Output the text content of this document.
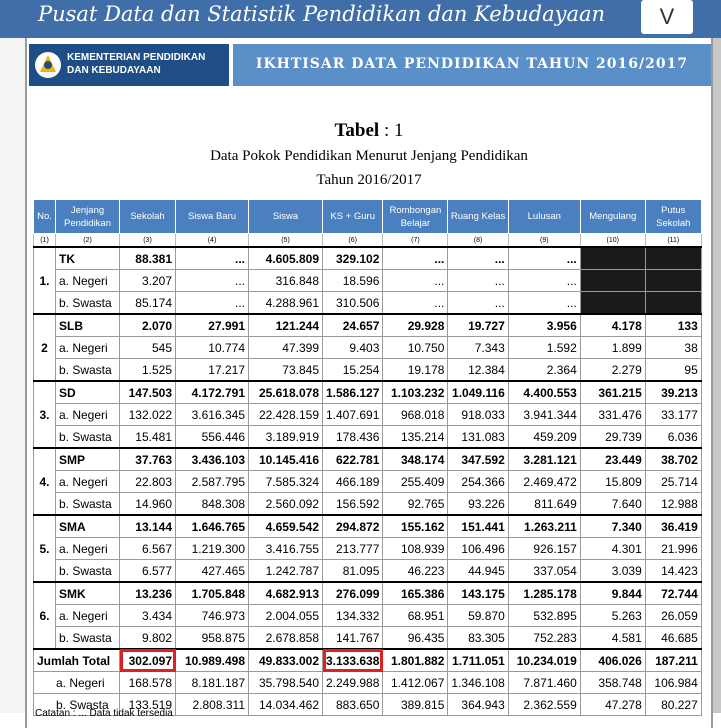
Pusat Data dan Statistik Pendidikan dan Kebudayaan	V
KEMENTERIAN PENDIDIKAN
DAN KEBUDAYAAN	IKHTISAR DATA PENDIDIKAN TAHUN 2016/2017
Tabel : 1
Data Pokok Pendidikan Menurut Jenjang Pendidikan
Tahun 2016/2017
No.	Jenjang Pendidikan	Sekolah	Siswa Baru	Siswa	KS + Guru	Rombongan Belajar	Ruang Kelas	Lulusan	Mengulang	Putus Sekolah
(1)	(2)	(3)	(4)	(5)	(6)	(7)	(8)	(9)	(10)	(11)
1.	TK	88.381	...	4.605.809	329.102	...	...	...		
	a. Negeri	3.207	...	316.848	18.596	...	...	...		
	b. Swasta	85.174	...	4.288.961	310.506	...	...	...		
2	SLB	2.070	27.991	121.244	24.657	29.928	19.727	3.956	4.178	133
	a. Negeri	545	10.774	47.399	9.403	10.750	7.343	1.592	1.899	38
	b. Swasta	1.525	17.217	73.845	15.254	19.178	12.384	2.364	2.279	95
3.	SD	147.503	4.172.791	25.618.078	1.586.127	1.103.232	1.049.116	4.400.553	361.215	39.213
	a. Negeri	132.022	3.616.345	22.428.159	1.407.691	968.018	918.033	3.941.344	331.476	33.177
	b. Swasta	15.481	556.446	3.189.919	178.436	135.214	131.083	459.209	29.739	6.036
4.	SMP	37.763	3.436.103	10.145.416	622.781	348.174	347.592	3.281.121	23.449	38.702
	a. Negeri	22.803	2.587.795	7.585.324	466.189	255.409	254.366	2.469.472	15.809	25.714
	b. Swasta	14.960	848.308	2.560.092	156.592	92.765	93.226	811.649	7.640	12.988
5.	SMA	13.144	1.646.765	4.659.542	294.872	155.162	151.441	1.263.211	7.340	36.419
	a. Negeri	6.567	1.219.300	3.416.755	213.777	108.939	106.496	926.157	4.301	21.996
	b. Swasta	6.577	427.465	1.242.787	81.095	46.223	44.945	337.054	3.039	14.423
6.	SMK	13.236	1.705.848	4.682.913	276.099	165.386	143.175	1.285.178	9.844	72.744
	a. Negeri	3.434	746.973	2.004.055	134.332	68.951	59.870	532.895	5.263	26.059
	b. Swasta	9.802	958.875	2.678.858	141.767	96.435	83.305	752.283	4.581	46.685
Jumlah Total		302.097	10.989.498	49.833.002	3.133.638	1.801.882	1.711.051	10.234.019	406.026	187.211
a. Negeri		168.578	8.181.187	35.798.540	2.249.988	1.412.067	1.346.108	7.871.460	358.748	106.984
b. Swasta		133.519	2.808.311	14.034.462	883.650	389.815	364.943	2.362.559	47.278	80.227
Catatan : ... Data tidak tersedia
